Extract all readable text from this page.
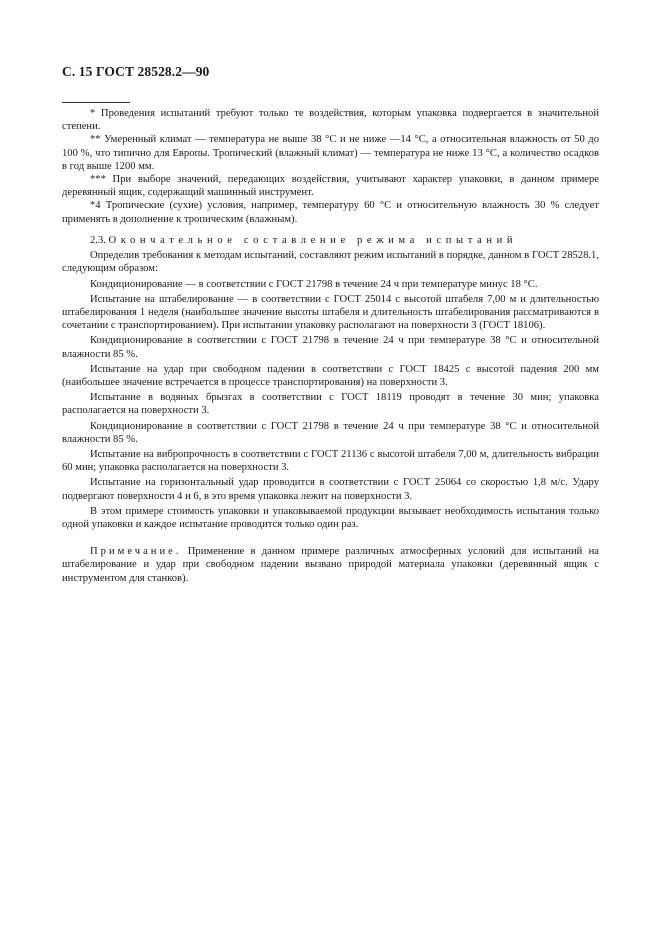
С. 15 ГОСТ 28528.2—90

* Проведения испытаний требуют только те воздействия, которым упаковка подвергается в значительной степени.

** Умеренный климат — температура не выше 38 °С и не ниже —14 °С, а относительная влажность от 50 до 100 %, что типично для Европы. Тропический (влажный климат) — температура не ниже 13 °С, а количество осадков в год выше 1200 мм.

*** При выборе значений, передающих воздействия, учитывают характер упаковки, в данном примере деревянный ящик, содержащий машинный инструмент.

*4 Тропические (сухие) условия, например, температуру 60 °С и относительную влажность 30 % следует применять в дополнение к тропическим (влажным).

2.3. Окончательное составление режима испытаний

Определив требования к методам испытаний, составляют режим испытаний в порядке, данном в ГОСТ 28528.1, следующим образом:

Кондиционирование — в соответствии с ГОСТ 21798 в течение 24 ч при температуре минус 18 °С.

Испытание на штабелирование — в соответствии с ГОСТ 25014 с высотой штабеля 7,00 м и длительностью штабелирования 1 неделя (наибольшее значение высоты штабеля и длительность штабелирования рассматриваются в сочетании с транспортированием). При испытании упаковку располагают на поверхности 3 (ГОСТ 18106).

Кондиционирование в соответствии с ГОСТ 21798 в течение 24 ч при температуре 38 °С и относительной влажности 85 %.

Испытание на удар при свободном падении в соответствии с ГОСТ 18425 с высотой падения 200 мм (наибольшее значение встречается в процессе транспортирования) на поверхности 3.

Испытание в водяных брызгах в соответствии с ГОСТ 18119 проводят в течение 30 мин; упаковка располагается на поверхности 3.

Кондиционирование в соответствии с ГОСТ 21798 в течение 24 ч при температуре 38 °С и относительной влажности 85 %.

Испытание на вибропрочность в соответствии с ГОСТ 21136 с высотой штабеля 7,00 м, длительность вибрации 60 мин; упаковка располагается на поверхности 3.

Испытание на горизонтальный удар проводится в соответствии с ГОСТ 25064 со скоростью 1,8 м/с. Удару подвергают поверхности 4 и 6, в это время упаковка лежит на поверхности 3.

В этом примере стоимость упаковки и упаковываемой продукции вызывает необходимость испытания только одной упаковки и каждое испытание проводится только один раз.

Примечание. Применение в данном примере различных атмосферных условий для испытаний на штабелирование и удар при свободном падении вызвано природой материала упаковки (деревянный ящик с инструментом для станков).
